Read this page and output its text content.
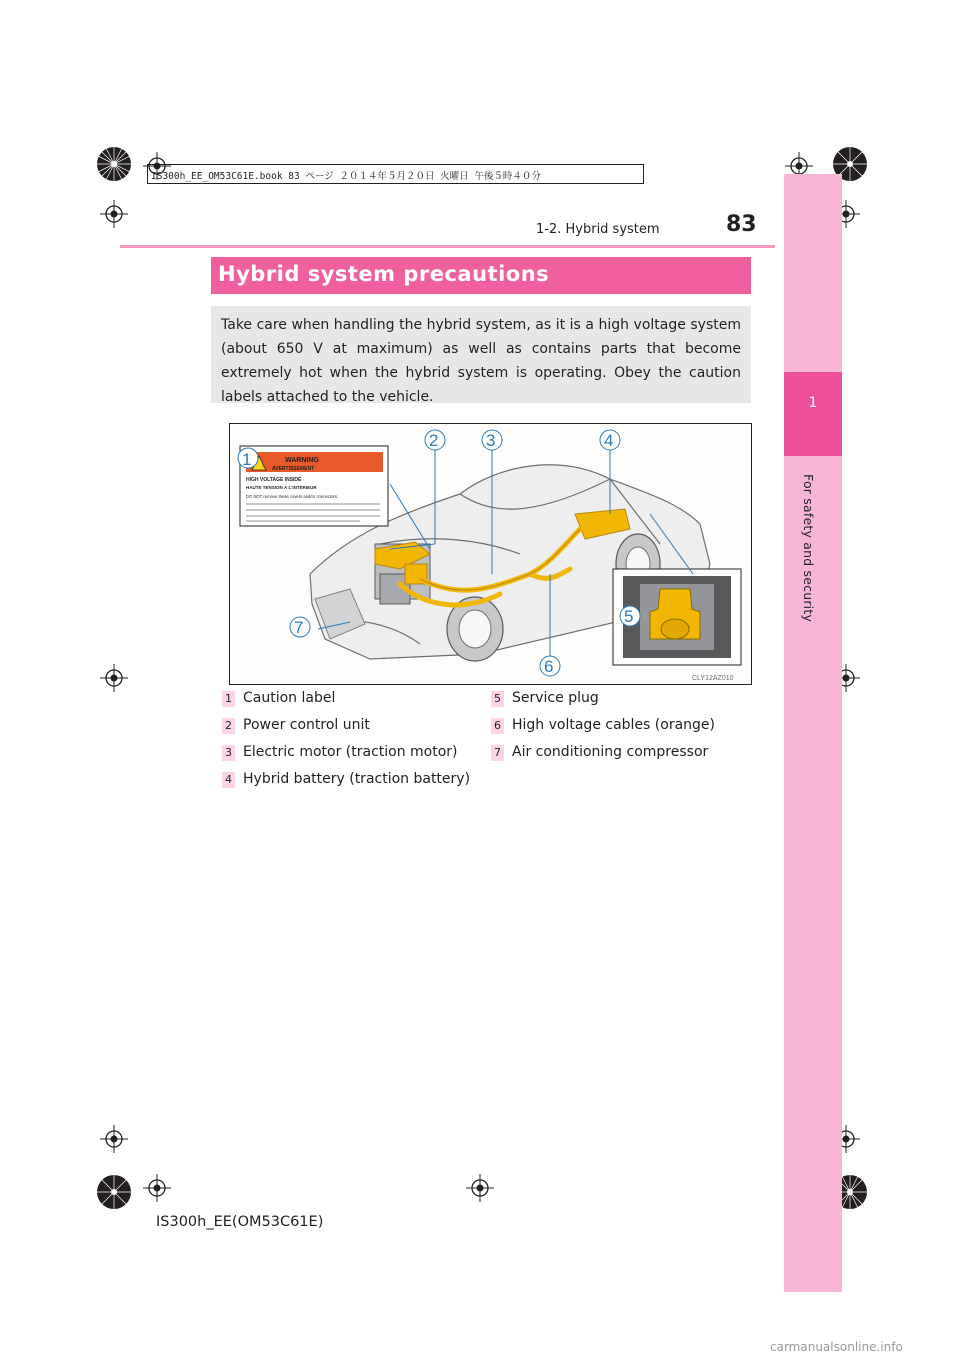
IS300h_EE_OM53C61E.book 83 ページ ２０１４年５月２０日 火曜日 午後５時４０分
1
For safety and security
1-2. Hybrid system	83
Hybrid system precautions
Take care when handling the hybrid system, as it is a high voltage system (about 650 V at maximum) as well as contains parts that become extremely hot when the hybrid system is operating. Obey the caution labels attached to the vehicle.
!
WARNING
AVERTISSEMENT
HIGH VOLTAGE INSIDE
HAUTE TENSION À L'INTÉRIEUR
DO NOT remove these covers and/or connectors.
1
2	3	4
5
6
7
CLY12AZ010
1 Caution label
2 Power control unit
3 Electric motor (traction motor)
4 Hybrid battery (traction battery)
5 Service plug
6 High voltage cables (orange)
7 Air conditioning compressor
IS300h_EE(OM53C61E)
carmanualsonline.info
